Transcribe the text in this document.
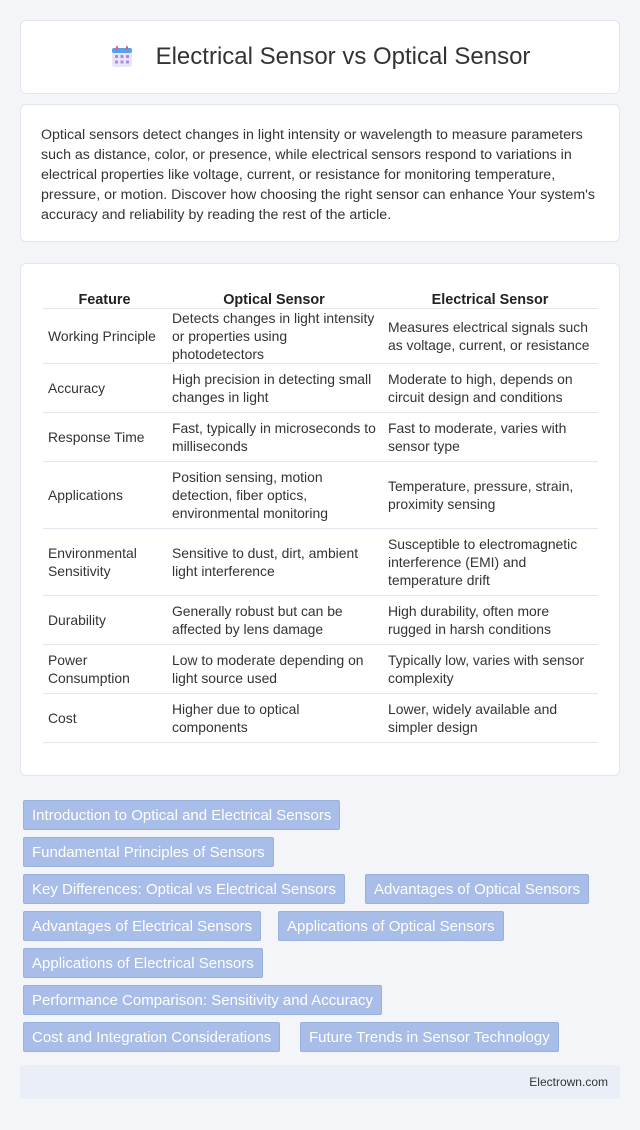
Electrical Sensor vs Optical Sensor

Optical sensors detect changes in light intensity or wavelength to measure parameters such as distance, color, or presence, while electrical sensors respond to variations in electrical properties like voltage, current, or resistance for monitoring temperature, pressure, or motion. Discover how choosing the right sensor can enhance Your system's accuracy and reliability by reading the rest of the article.

Feature	Optical Sensor	Electrical Sensor
Working Principle	Detects changes in light intensity or properties using photodetectors	Measures electrical signals such as voltage, current, or resistance
Accuracy	High precision in detecting small changes in light	Moderate to high, depends on circuit design and conditions
Response Time	Fast, typically in microseconds to milliseconds	Fast to moderate, varies with sensor type
Applications	Position sensing, motion detection, fiber optics, environmental monitoring	Temperature, pressure, strain, proximity sensing
Environmental Sensitivity	Sensitive to dust, dirt, ambient light interference	Susceptible to electromagnetic interference (EMI) and temperature drift
Durability	Generally robust but can be affected by lens damage	High durability, often more rugged in harsh conditions
Power Consumption	Low to moderate depending on light source used	Typically low, varies with sensor complexity
Cost	Higher due to optical components	Lower, widely available and simpler design
Introduction to Optical and Electrical Sensors
Fundamental Principles of Sensors
Key Differences: Optical vs Electrical Sensors	Advantages of Optical Sensors
Advantages of Electrical Sensors	Applications of Optical Sensors
Applications of Electrical Sensors
Performance Comparison: Sensitivity and Accuracy
Cost and Integration Considerations	Future Trends in Sensor Technology
Electrown.com
